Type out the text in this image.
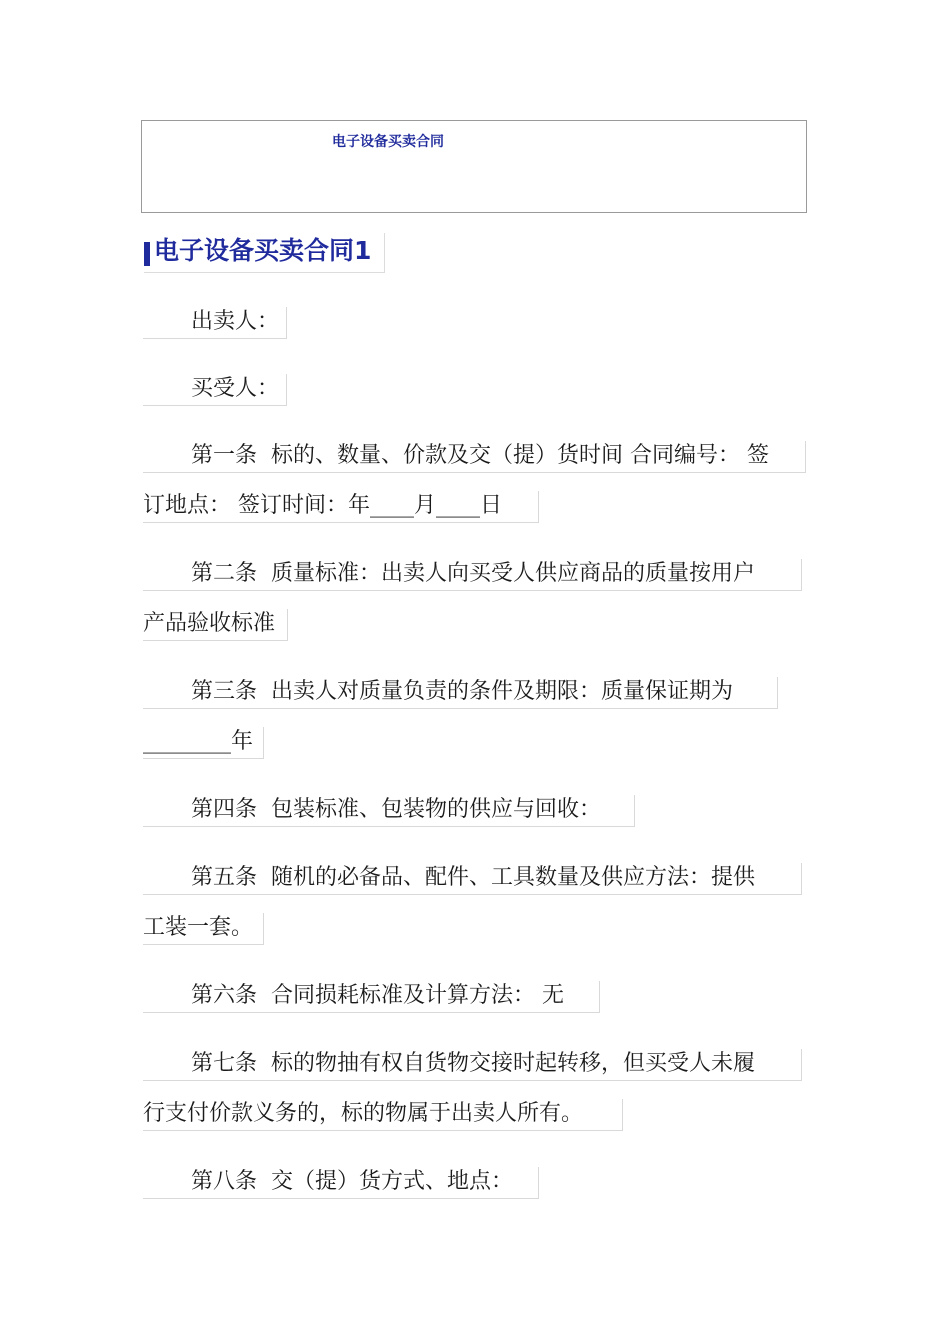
电子设备买卖合同
电子设备买卖合同1
出卖人：
买受人：
第一条 标的、数量、价款及交（提）货时间 合同编号： 签
订地点： 签订时间：年____月____日
第二条 质量标准：出卖人向买受人供应商品的质量按用户
产品验收标准
第三条 出卖人对质量负责的条件及期限：质量保证期为
________年
第四条 包装标准、包装物的供应与回收：
第五条 随机的必备品、配件、工具数量及供应方法：提供
工装一套。
第六条 合同损耗标准及计算方法： 无
第七条 标的物抽有权自货物交接时起转移，但买受人未履
行支付价款义务的，标的物属于出卖人所有。
第八条 交（提）货方式、地点：
